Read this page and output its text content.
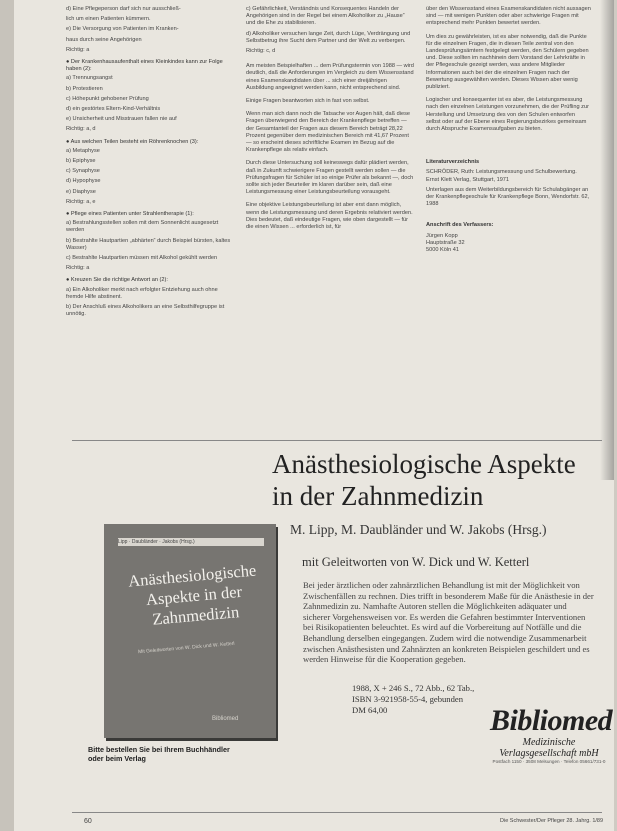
d) Eine Pflegeperson darf sich nur ausschließ-

lich um einen Patienten kümmern.

e) Die Versorgung von Patienten im Kranken-

haus durch seine Angehörigen

Richtig: a

● Der Krankenhausaufenthalt eines Kleinkindes kann zur Folge haben (2):

a) Trennungsangst

b) Protestieren

c) Höhepunkt gehobener Prüfung

d) ein gestörtes Eltern-Kind-Verhältnis

e) Unsicherheit und Misstrauen fallen nie auf

Richtig: a, d

● Aus welchen Teilen besteht ein Röhrenknochen (3):

a) Metaphyse

b) Epiphyse

c) Synaphyse

d) Hypophyse

e) Diaphyse

Richtig: a, e

● Pflege eines Patienten unter Strahlentherapie (1):

a) Bestrahlungsstellen sollen mit dem Sonnenlicht ausgesetzt werden

b) Bestrahlte Hautpartien „abhärten“ durch Beispiel bürsten, kaltes Wasser)

c) Bestrahlte Hautpartien müssen mit Alkohol gekühlt werden

Richtig: a

● Kreuzen Sie die richtige Antwort an (2):

a) Ein Alkoholiker merkt nach erfolgter Entziehung auch ohne fremde Hilfe abstinent.

b) Der Anschluß eines Alkoholikers an eine Selbsthilfegruppe ist unnötig.

c) Gefährlichkeit, Verständnis und Konsequentes Handeln der Angehörigen sind in der Regel bei einem Alkoholiker zu „Hause“ und die Ehe zu stabilisieren.

d) Alkoholiker versuchen lange Zeit, durch Lüge, Verdrängung und Selbstbetrug ihre Sucht dem Partner und der Welt zu verbergen.

Richtig: c, d

Am meisten Beispielhaften ... dem Prüfungstermin von 1988 — wird deutlich, daß die Anforderungen im Vergleich zu dem Wissensstand eines Examenskandidaten über ... sich einer dreijährigen Ausbildung angeeignet werden kann, nicht entsprechend sind.

Einige Fragen beantworten sich in fast von selbst.

Wenn man sich dann noch die Tatsache vor Augen hält, daß diese Fragen überwiegend den Bereich der Krankenpflege betreffen — der Gesamtanteil der Fragen aus diesem Bereich beträgt 28,22 Prozent gegenüber dem medizinischen Bereich mit 41,67 Prozent — so erscheint dieses schriftliche Examen im Bezug auf die Krankenpflege als relativ einfach.

Durch diese Untersuchung soll keineswegs dafür plädiert werden, daß in Zukunft schwierigere Fragen gestellt werden sollen — die Prüfungsfragen für Schüler ist so einige Prüfer als bekannt —, doch sollte sich jeder Beurteiler im klaren darüber sein, daß eine Leistungsmessung einer Leistungsbeurteilung vorausgeht.

Eine objektive Leistungsbeurteilung ist aber erst dann möglich, wenn die Leistungsmessung und deren Ergebnis relativiert werden. Dies bedeutet, daß eindeutige Fragen, wie oben dargestellt — für die einen Wissen ... erforderlich ist, für

über den Wissensstand eines Examenskandidaten nicht aussagen sind — mit wenigen Punkten oder aber schwierige Fragen mit entsprechend mehr Punkten bewertet werden.

Um dies zu gewährleisten, ist es aber notwendig, daß die Punkte für die einzelnen Fragen, die in diesen Teile zentral von den Landesprüfungsämtern festgelegt werden, den Schülern gegeben und. Diese sollten im nachhinein dem Vorstand der Lehrkräfte in der Pflegeschule gezeigt werden, was andere Mitglieder Informationen auch bei der die einzelnen Fragen nach der Bewertung ausgewählten werden. Dieses Wissen aber wenig publiziert.

Logischer und konsequenter ist es aber, die Leistungsmessung nach den einzelnen Leistungen vorzunehmen, die der Prüfling zur Herstellung und Umsetzung des von den Schulen entworfen selbst oder auf der Ebene eines Regierungsbezirkes gemeinsam durch Abspruche Examensaufgaben zu bieten.

Literaturverzeichnis

SCHRÖDER, Ruth: Leistungsmessung und Schulbewertung. Ernst Klett Verlag, Stuttgart, 1971

Unterlagen aus dem Weiterbildungsbereich für Schulabgänger an der Krankenpflegeschule für Krankenpflege Bonn, Wendorfstr. 62, 1988

Anschrift des Verfassers:

Jürgen Kopp

Hauptstraße 32

5000 Köln 41

Anästhesiologische Aspekte
in der Zahnmedizin
M. Lipp, M. Daubländer und W. Jakobs (Hrsg.)
mit Geleitworten von W. Dick und W. Ketterl
Bei jeder ärztlichen oder zahnärztlichen Behandlung ist mit der Möglichkeit von Zwischenfällen zu rechnen. Dies trifft in besonderem Maße für die Anästhesie in der Zahnmedizin zu. Namhafte Autoren stellen die Möglichkeiten adäquater und sicherer Vorgehensweisen vor. Es werden die Gefahren bestimmter Interventionen bei Risikopatienten beleuchtet. Es wird auf die Vorbereitung auf Notfälle und die Behandlung derselben eingegangen. Zudem wird die notwendige Zusammenarbeit zwischen Anästhesisten und Zahnärzten an konkreten Beispielen geschildert und es werden Hinweise für die Kooperation gegeben.
1988, X + 246 S., 72 Abb., 62 Tab.,
ISBN 3-921958-55-4, gebunden
DM 64,00
Lipp · Daubländer · Jakobs (Hrsg.)
Anästhesiologische Aspekte in der Zahnmedizin
Mit Geleitworten von W. Dick und W. Ketterl
Bibliomed
Bitte bestellen Sie bei Ihrem Buchhändler
oder beim Verlag
Bibliomed
Medizinische Verlagsgesellschaft mbH
Postfach 1150 · 3508 Melsungen · Telefon 05661/731-0
60	Die Schwester/Der Pfleger 28. Jahrg. 1/89
